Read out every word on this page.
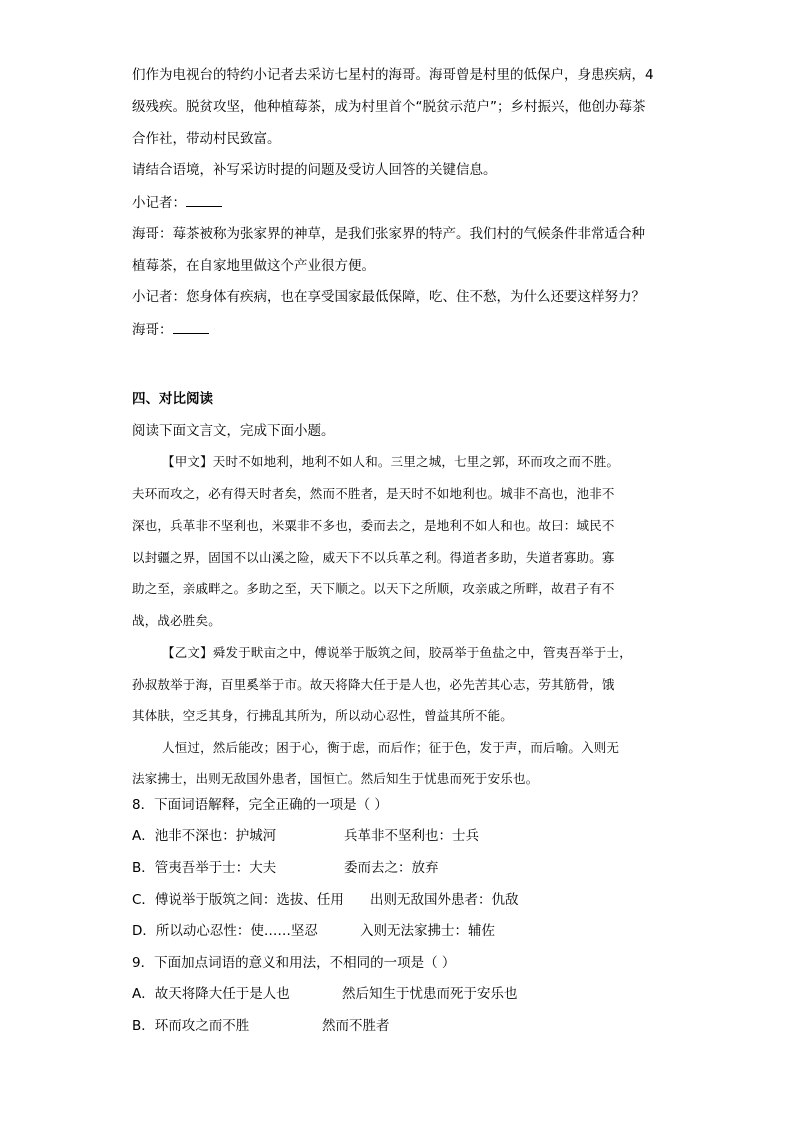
们作为电视台的特约小记者去采访七星村的海哥。海哥曾是村里的低保户，身患疾病，4
级残疾。脱贫攻坚，他种植莓茶，成为村里首个“脱贫示范户”；乡村振兴，他创办莓茶
合作社，带动村民致富。
请结合语境，补写采访时提的问题及受访人回答的关键信息。
小记者：
海哥：莓茶被称为张家界的神草，是我们张家界的特产。我们村的气候条件非常适合种
植莓茶，在自家地里做这个产业很方便。
小记者：您身体有疾病，也在享受国家最低保障，吃、住不愁，为什么还要这样努力？
海哥：
四、对比阅读
阅读下面文言文，完成下面小题。
【甲文】天时不如地利，地利不如人和。三里之城，七里之郭，环而攻之而不胜。
夫环而攻之，必有得天时者矣，然而不胜者，是天时不如地利也。城非不高也，池非不
深也，兵革非不坚利也，米粟非不多也，委而去之，是地利不如人和也。故曰：域民不
以封疆之界，固国不以山溪之险，威天下不以兵革之利。得道者多助，失道者寡助。寡
助之至，亲戚畔之。多助之至，天下顺之。以天下之所顺，攻亲戚之所畔，故君子有不
战，战必胜矣。
【乙文】舜发于畎亩之中，傅说举于版筑之间，胶鬲举于鱼盐之中，管夷吾举于士，
孙叔敖举于海，百里奚举于市。故天将降大任于是人也，必先苦其心志，劳其筋骨，饿
其体肤，空乏其身，行拂乱其所为，所以动心忍性，曾益其所不能。
人恒过，然后能改；困于心，衡于虑，而后作；征于色，发于声，而后喻。入则无
法家拂士，出则无敌国外患者，国恒亡。然后知生于忧患而死于安乐也。
8．下面词语解释，完全正确的一项是（ ）
A．池非不深也：护城河	兵革非不坚利也：士兵
B．管夷吾举于士：大夫	委而去之：放弃
C．傅说举于版筑之间：选拔、任用 出则无敌国外患者：仇敌
D．所以动心忍性：使……坚忍	入则无法家拂士：辅佐
9．下面加点词语的意义和用法，不相同的一项是（ ）
A．故天将降大任于是人也	然后知生于忧患而死于安乐也
B．环而攻之而不胜	然而不胜者
